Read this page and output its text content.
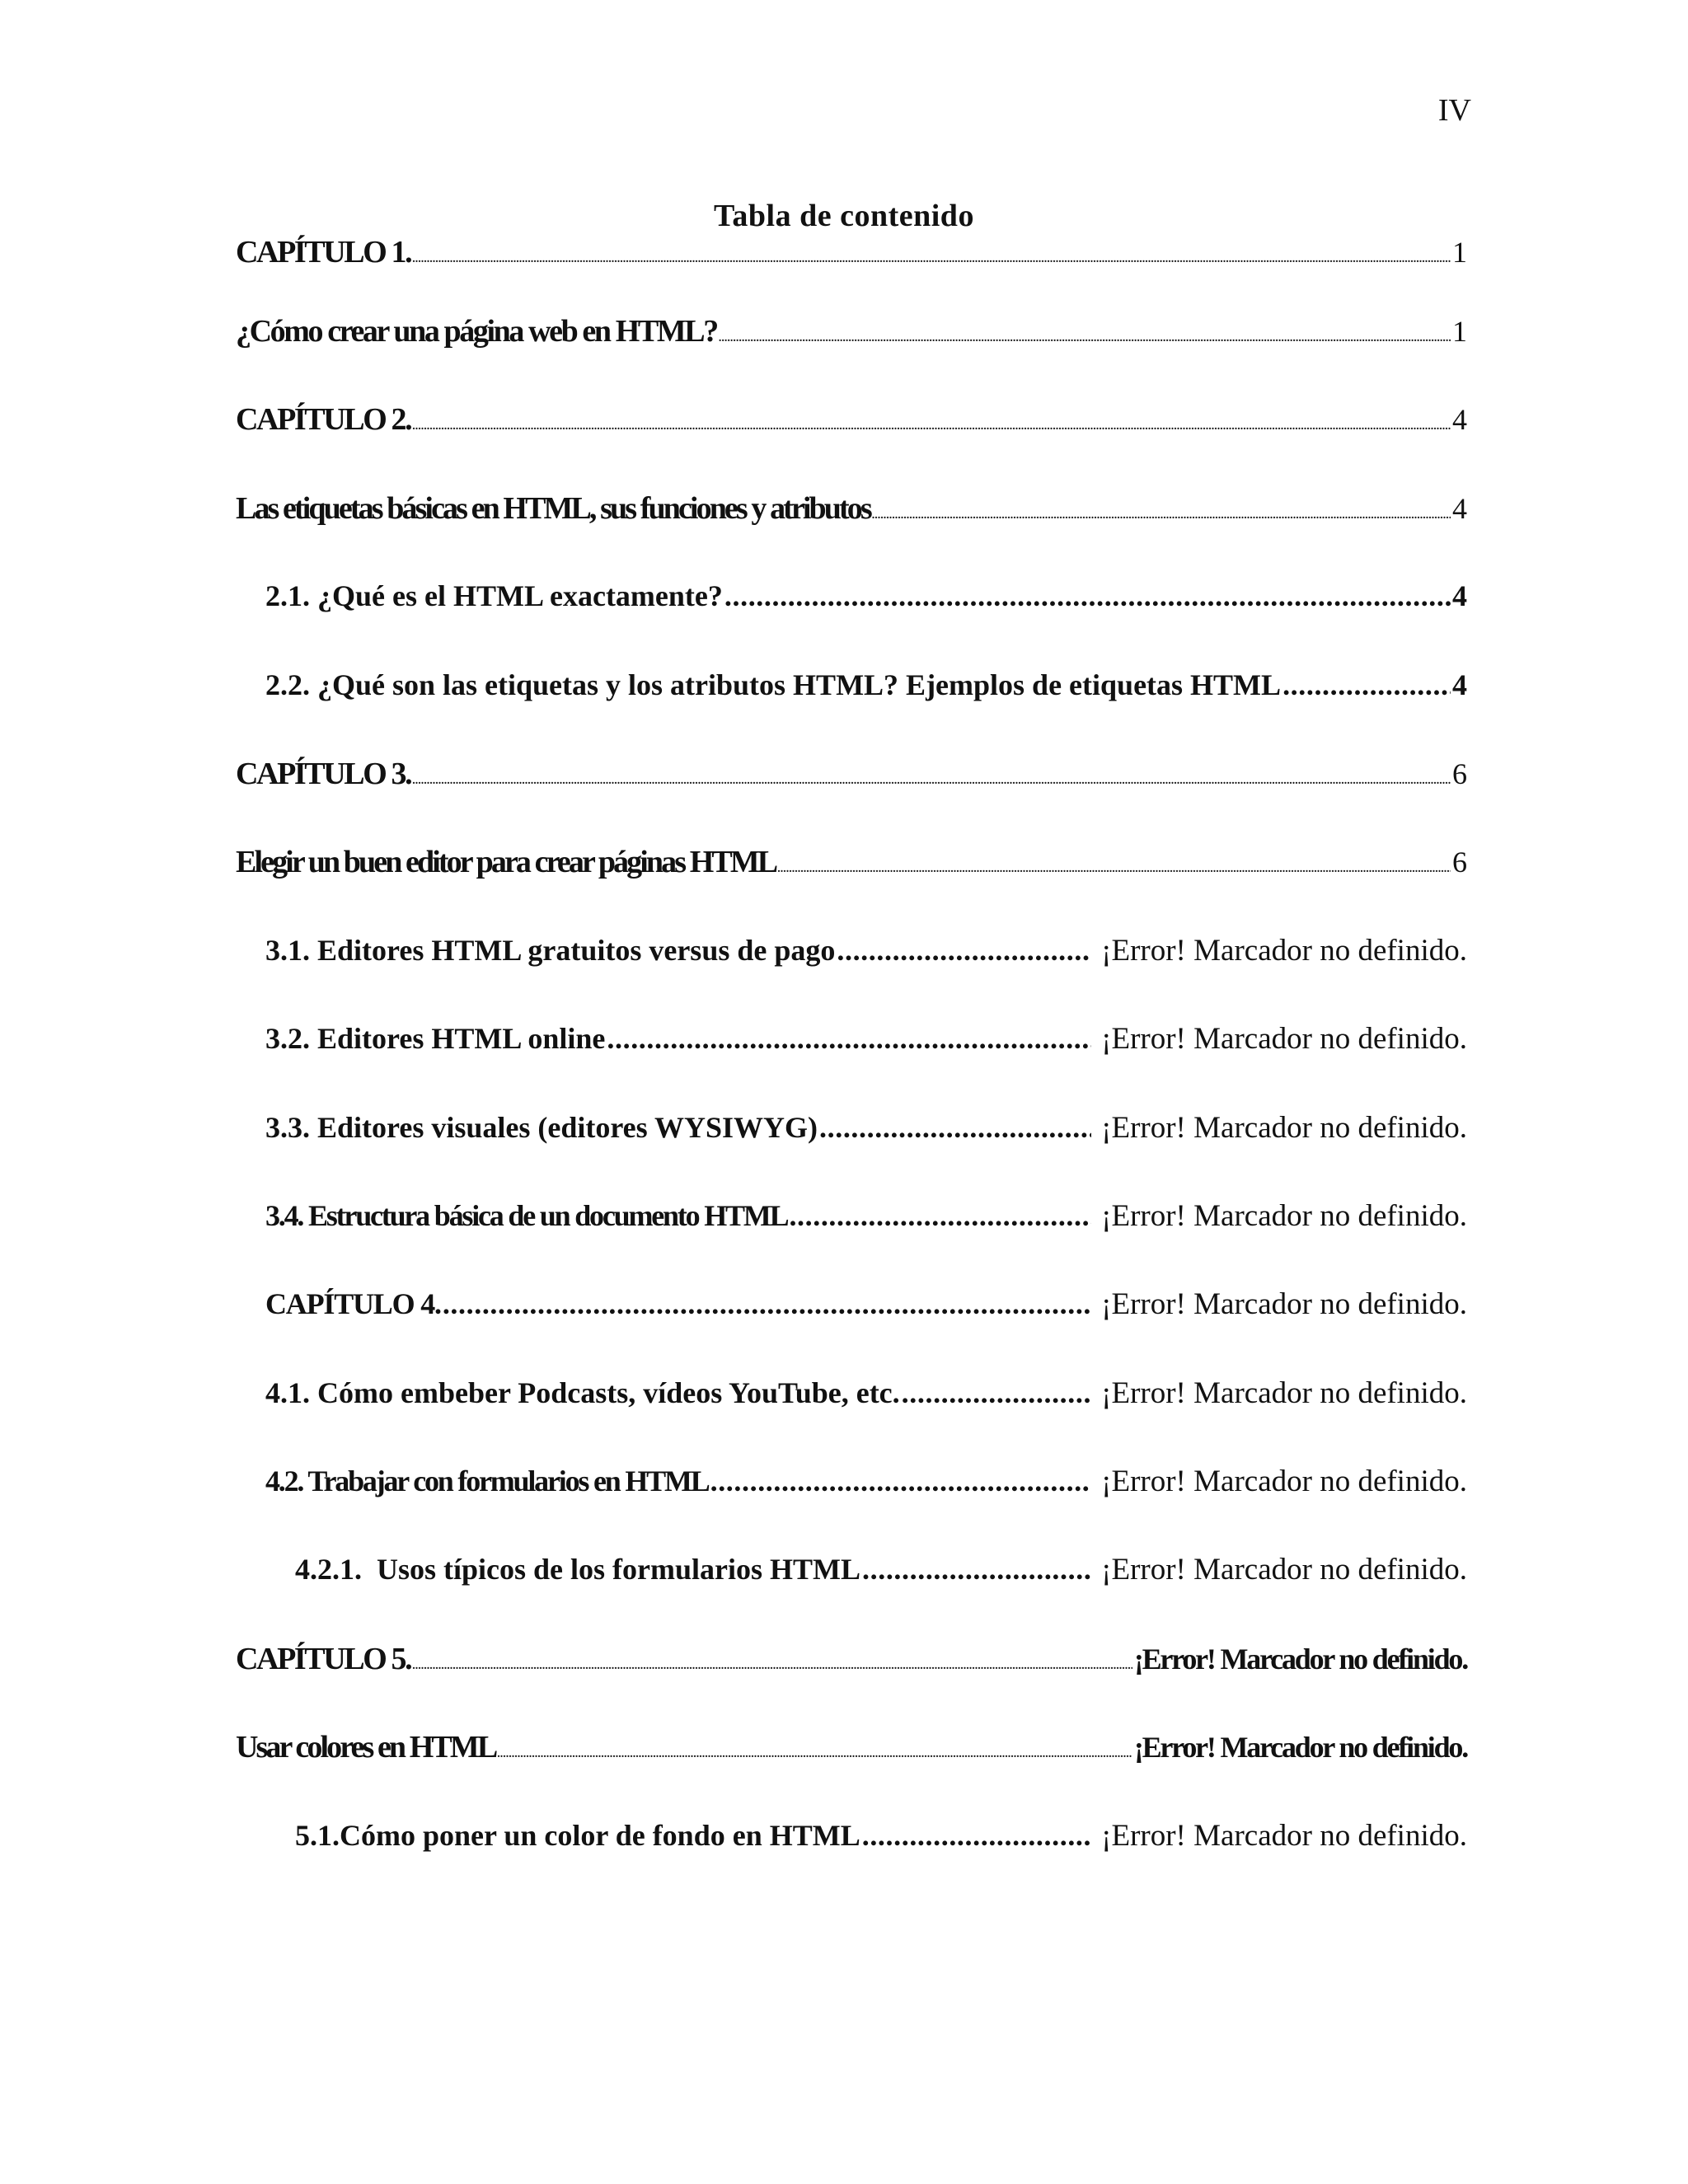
IV
Tabla de contenido
CAPÍTULO 1. .....	1
¿Cómo crear una página web en HTML? .....	1
CAPÍTULO 2. .....	4
Las etiquetas básicas en HTML, sus funciones y atributos .....	4
2.1. ¿Qué es el HTML exactamente? .....	4
2.2. ¿Qué son las etiquetas y los atributos HTML? Ejemplos de etiquetas HTML .....	4
CAPÍTULO 3. .....	6
Elegir un buen editor para crear páginas HTML .....	6
3.1. Editores HTML gratuitos versus de pago .....	¡Error! Marcador no definido.
3.2. Editores HTML online .....	¡Error! Marcador no definido.
3.3. Editores visuales (editores WYSIWYG) .....	¡Error! Marcador no definido.
3.4. Estructura básica de un documento HTML .....	¡Error! Marcador no definido.
CAPÍTULO 4. .....	¡Error! Marcador no definido.
4.1. Cómo embeber Podcasts, vídeos YouTube, etc. .....	¡Error! Marcador no definido.
4.2. Trabajar con formularios en HTML .....	¡Error! Marcador no definido.
4.2.1.  Usos típicos de los formularios HTML .....	¡Error! Marcador no definido.
CAPÍTULO 5. .....	¡Error! Marcador no definido.
Usar colores en HTML .....	¡Error! Marcador no definido.
5.1.Cómo poner un color de fondo en HTML .....	¡Error! Marcador no definido.
